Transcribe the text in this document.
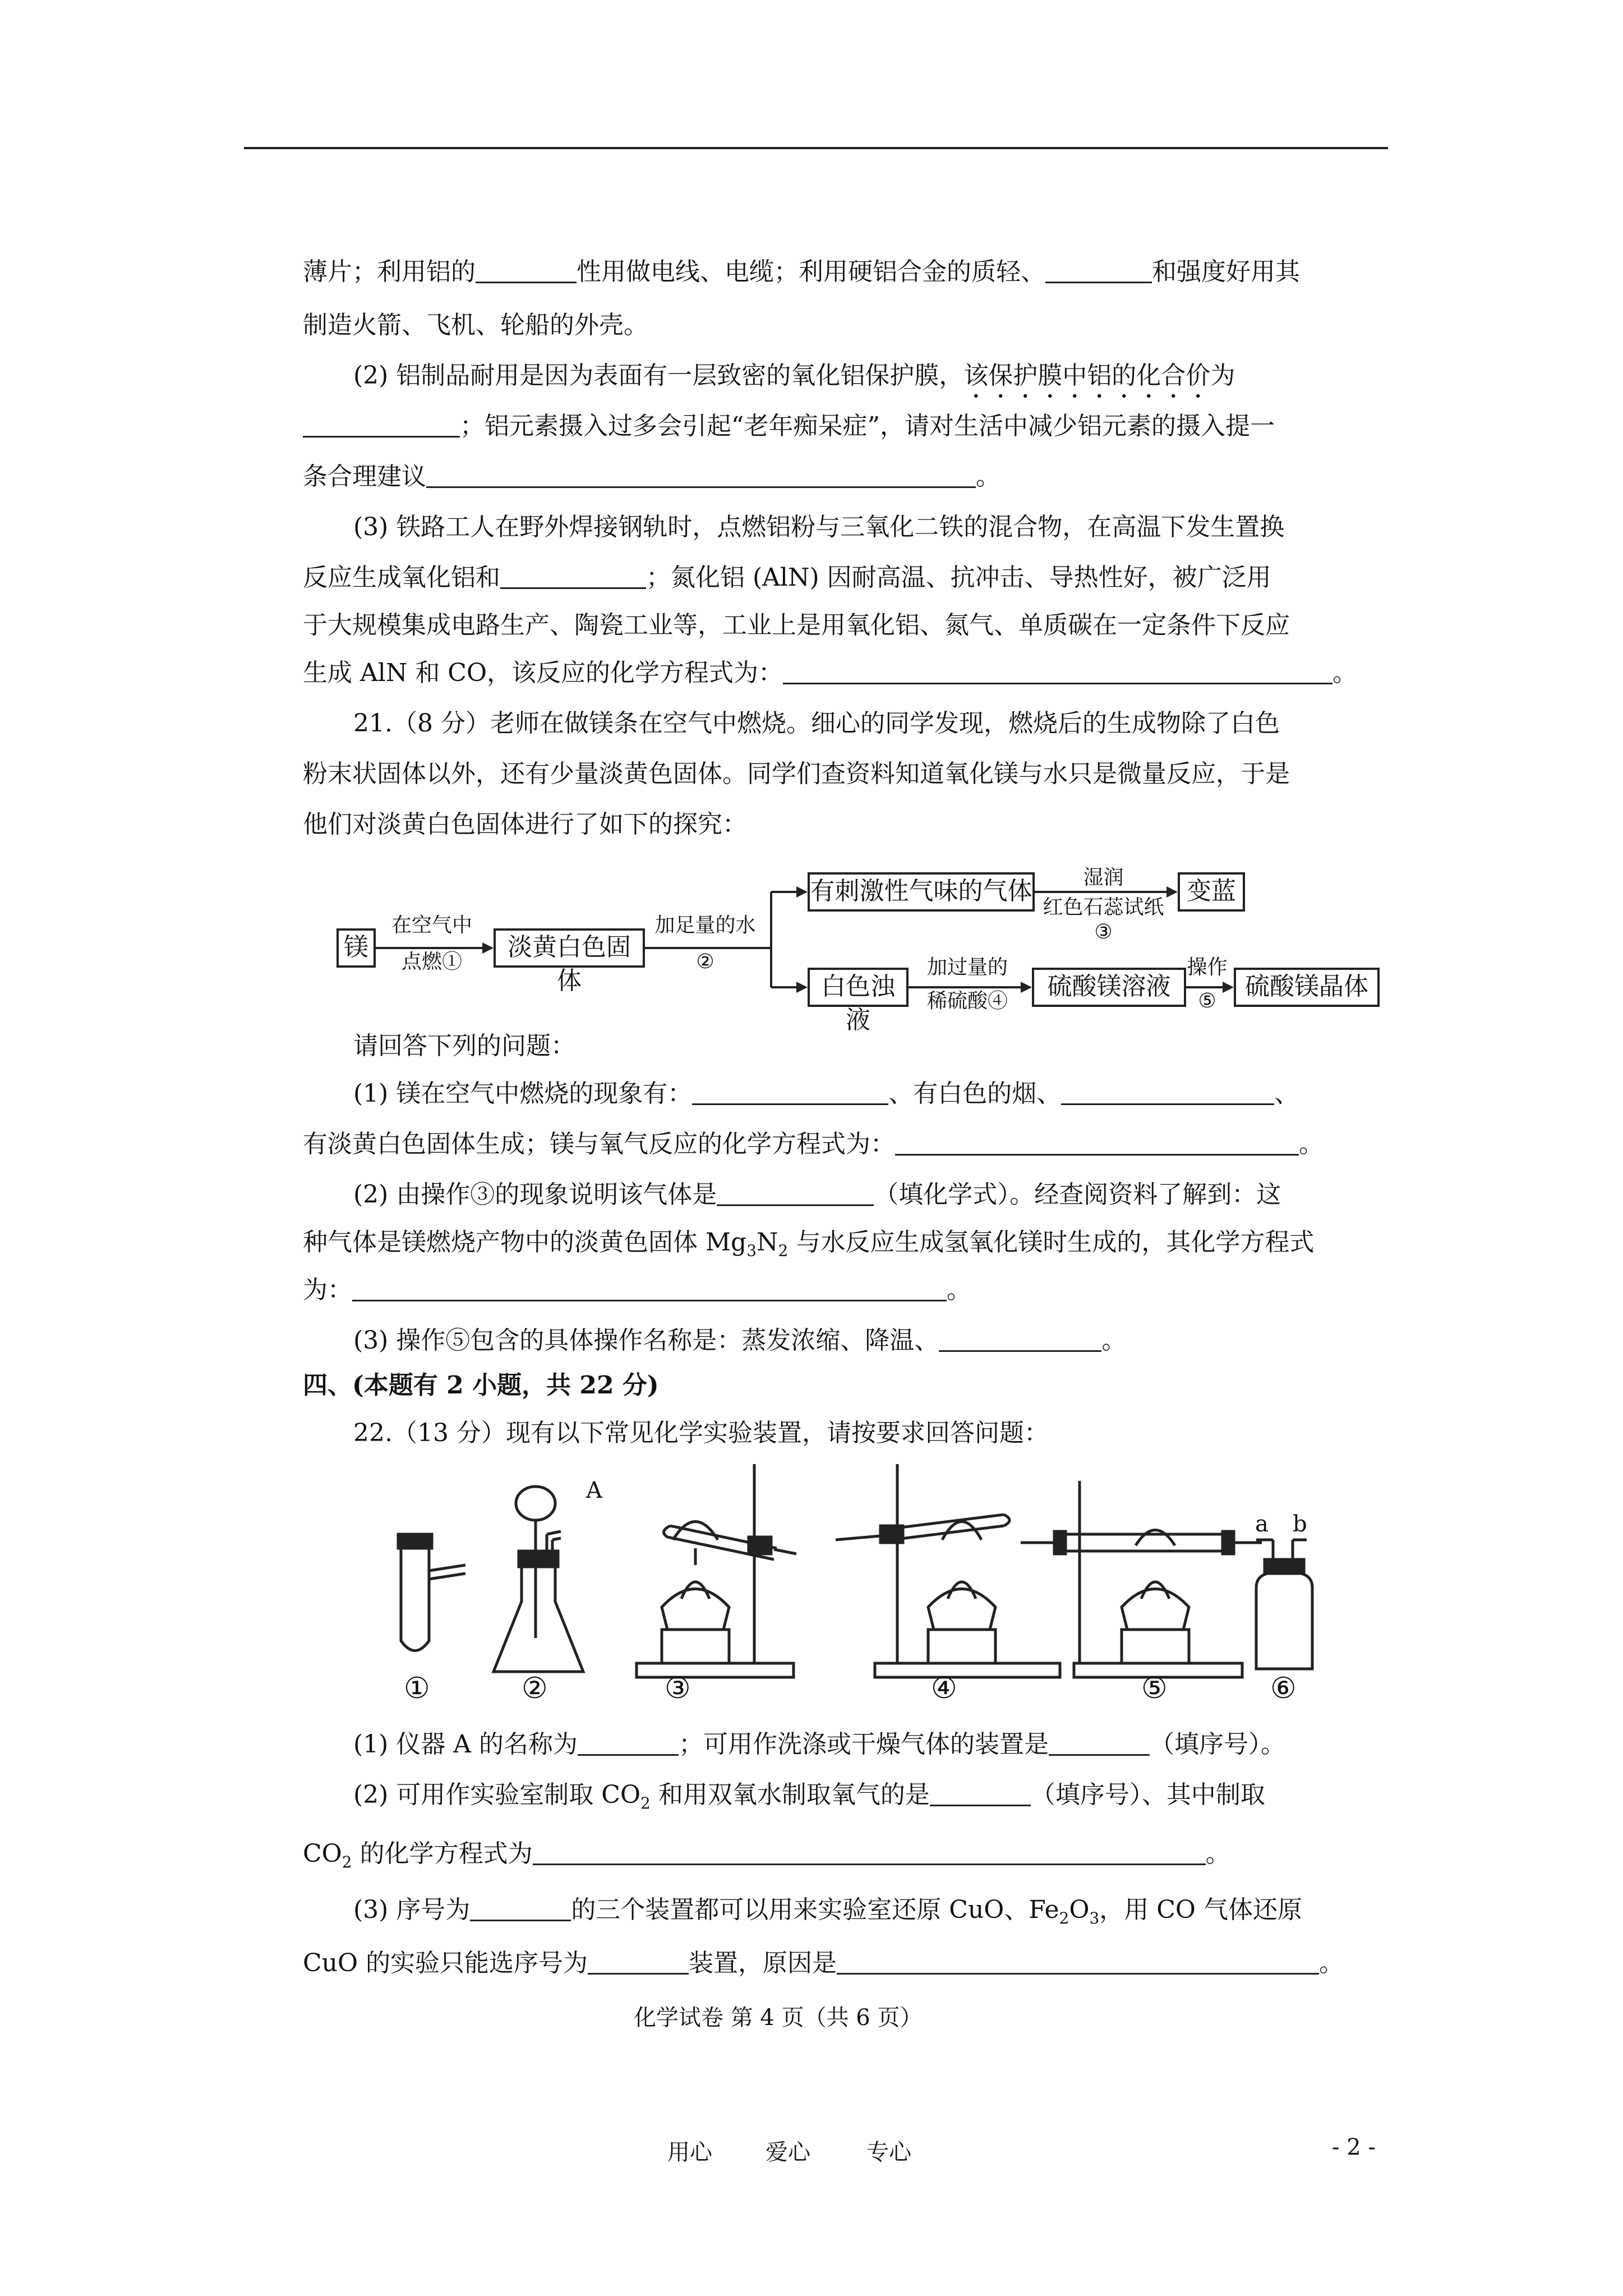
薄片；利用铝的	性用做电线、电缆；利用硬铝合金的质轻、	和强度好用其
制造火箭、飞机、轮船的外壳。
(2) 铝制品耐用是因为表面有一层致密的氧化铝保护膜，该保护膜中铝的化合价为
；铝元素摄入过多会引起“老年痴呆症”，请对生活中减少铝元素的摄入提一
条合理建议	。
(3) 铁路工人在野外焊接钢轨时，点燃铝粉与三氧化二铁的混合物，在高温下发生置换
反应生成氧化铝和	；氮化铝 (AlN) 因耐高温、抗冲击、导热性好，被广泛用
于大规模集成电路生产、陶瓷工业等，工业上是用氧化铝、氮气、单质碳在一定条件下反应
生成 AlN 和 CO，该反应的化学方程式为：	。
21.（8 分）老师在做镁条在空气中燃烧。细心的同学发现，燃烧后的生成物除了白色
粉末状固体以外，还有少量淡黄色固体。同学们查资料知道氧化镁与水只是微量反应，于是
他们对淡黄白色固体进行了如下的探究：
镁
在空气中
点燃①
淡黄白色固体
加足量的水
②
有刺激性气味的气体	湿润
红色石蕊试纸
③
变蓝
白色浊液
加过量的
稀硫酸④
硫酸镁溶液
操作
⑤
硫酸镁晶体
请回答下列的问题：
(1) 镁在空气中燃烧的现象有：	、有白色的烟、	、
有淡黄白色固体生成；镁与氧气反应的化学方程式为：	。
(2) 由操作③的现象说明该气体是	（填化学式）。经查阅资料了解到：这
种气体是镁燃烧产物中的淡黄色固体 $Mg_3N_2$ 与水反应生成氢氧化镁时生成的，其化学方程式
为：	。
(3) 操作⑤包含的具体操作名称是：蒸发浓缩、降温、	。
四、(本题有 2 小题，共 22 分)
22.（13 分）现有以下常见化学实验装置，请按要求回答问题：
A
a b
①	②	③	④	⑤	⑥
(1) 仪器 A 的名称为	；可用作洗涤或干燥气体的装置是	（填序号）。
(2) 可用作实验室制取 $CO_2$ 和用双氧水制取氧气的是	（填序号）、其中制取
$CO_2$ 的化学方程式为	。
(3) 序号为	的三个装置都可以用来实验室还原 CuO、$Fe_2O_3$，用 CO 气体还原
CuO 的实验只能选序号为	装置，原因是	。
化学试卷 第 4 页（共 6 页）
用心 爱心	专心	- 2 -
